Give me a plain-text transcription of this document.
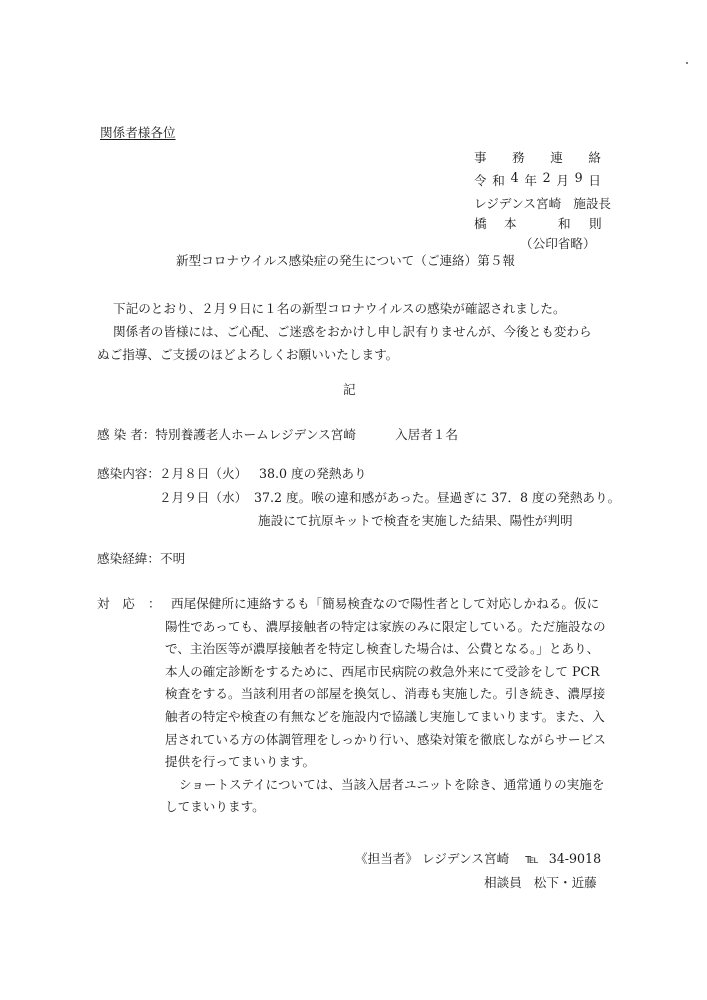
関係者様各位
事 務 連 絡
令 和 4 年 2 月 9 日
レジデンス宮崎 施設長
橋 本	和 則
（公印省略）
新型コロナウイルス感染症の発生について（ご連絡）第５報
下記のとおり、２月９日に１名の新型コロナウイルスの感染が確認されました。
関係者の皆様には、ご心配、ご迷惑をおかけし申し訳有りませんが、今後とも変わら
ぬご指導、ご支援のほどよろしくお願いいたします。
記
感 染 者：特別養護老人ホームレジデンス宮崎	入居者１名
感染内容： ２月８日（火） 38.0 度の発熱あり
２月９日（水） 37.2 度。喉の違和感があった。昼過ぎに 37．8 度の発熱あり。
施設にて抗原キットで検査を実施した結果、陽性が判明
感染経緯：不明
対　応 ： 西尾保健所に連絡するも「簡易検査なので陽性者として対応しかねる。仮に陽性であっても、濃厚接触者の特定は家族のみに限定している。ただ施設なので、主治医等が濃厚接触者を特定し検査した場合は、公費となる。」とあり、本人の確定診断をするために、西尾市民病院の救急外来にて受診をして PCR 検査をする。当該利用者の部屋を換気し、消毒も実施した。引き続き、濃厚接触者の特定や検査の有無などを施設内で協議し実施してまいります。また、入居されている方の体調管理をしっかり行い、感染対策を徹底しながらサービス提供を行ってまいります。

ショートステイについては、当該入居者ユニットを除き、通常通りの実施をしてまいります。

《担当者》 レジデンス宮崎 ℡ 34-9018
相談員 松下・近藤
